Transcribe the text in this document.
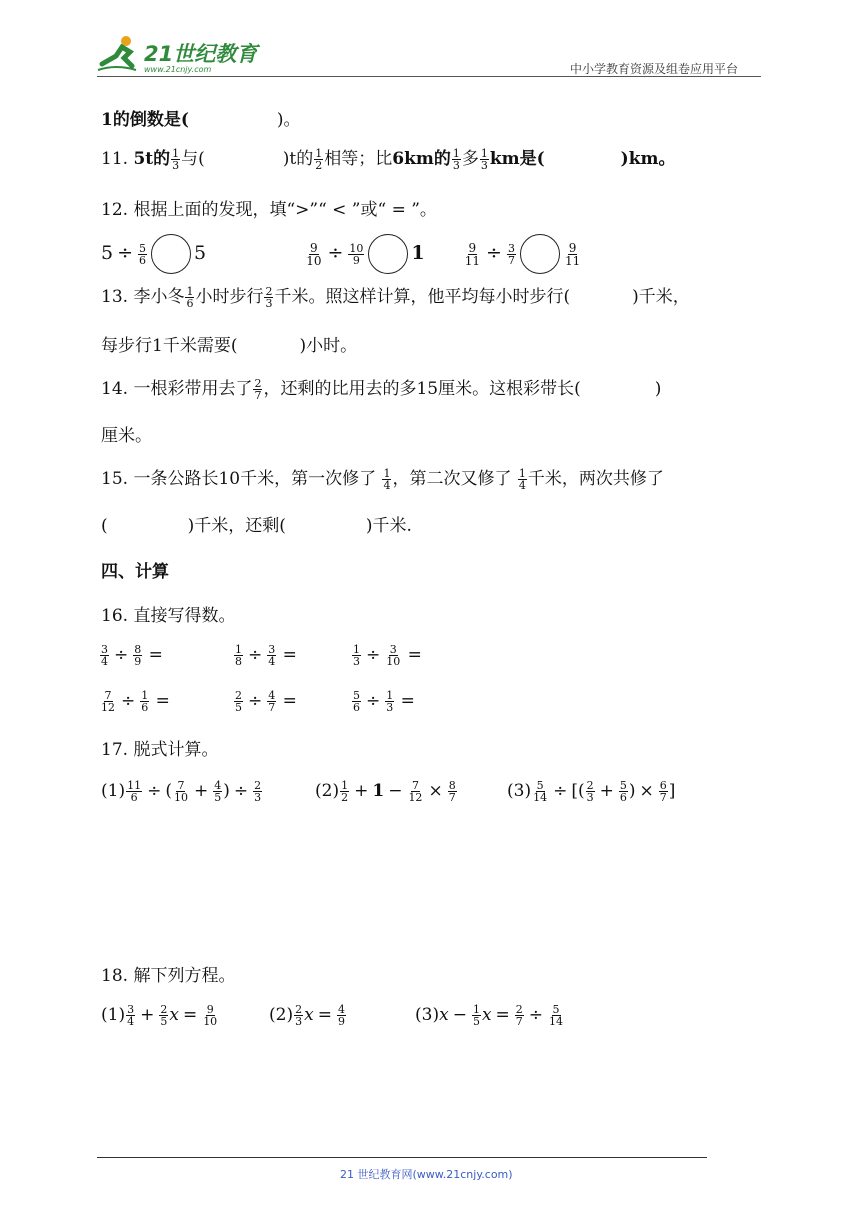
21世纪教育
www.21cnjy.com	中小学教育资源及组卷应用平台
1的倒数是(	)。
11. 5t的 $\frac{1}{3}$ 与(	)t的 $\frac{1}{2}$ 相等；比6km的 $\frac{1}{3}$ 多 $\frac{1}{3}$ km是(	)km。
12. 根据上面的发现，填“>”“ < ”或“ = ”。
$5 \div \frac{5}{6} 5$	$\frac{9}{10} \div \frac{10}{9} 1$	$\frac{9}{11} \div \frac{3}{7}$	$\frac{9}{11}$
13. 李小冬 $\frac{1}{6}$ 小时步行 $\frac{2}{3}$ 千米。照这样计算，他平均每小时步行(	)千米，
每步行1千米需要(	)小时。
14. 一根彩带用去了 $\frac{2}{7}$ ，还剩的比用去的多15厘米。这根彩带长(	)
厘米。
15. 一条公路长10千米，第一次修了 $\frac{1}{4}$ ，第二次又修了 $\frac{1}{4}$ 千米，两次共修了
(	)千米，还剩(	)千米.
四、计算
16. 直接写得数。
$\frac{3}{4} \div \frac{8}{9}$ =	$\frac{1}{8} \div \frac{3}{4}$ =	$\frac{1}{3} \div \frac{3}{10}$ =
$\frac{7}{12} \div \frac{1}{6}$ =	$\frac{2}{5} \div \frac{4}{7}$ =	$\frac{5}{6} \div \frac{1}{3}$ =
17. 脱式计算。
$(1) \frac{11}{6}$ ÷ ( $\frac{7}{10} + \frac{4}{5}$ ) ÷ $\frac{2}{3}$	$(2) \frac{1}{2} + 1 - \frac{7}{12} \times \frac{8}{7}$	$(3) \frac{5}{14}$ ÷ [( $\frac{2}{3} + \frac{5}{6}$ ) × $\frac{6}{7}$ ]
18. 解下列方程。
$(1) \frac{3}{4} + \frac{2}{5}$ $x = \frac{9}{10}$	$(2) \frac{2}{3}$ $x = \frac{4}{9}$	$(3)x - \frac{1}{5}$ $x = \frac{2}{7} \div \frac{5}{14}$
21 世纪教育网(www.21cnjy.com)
